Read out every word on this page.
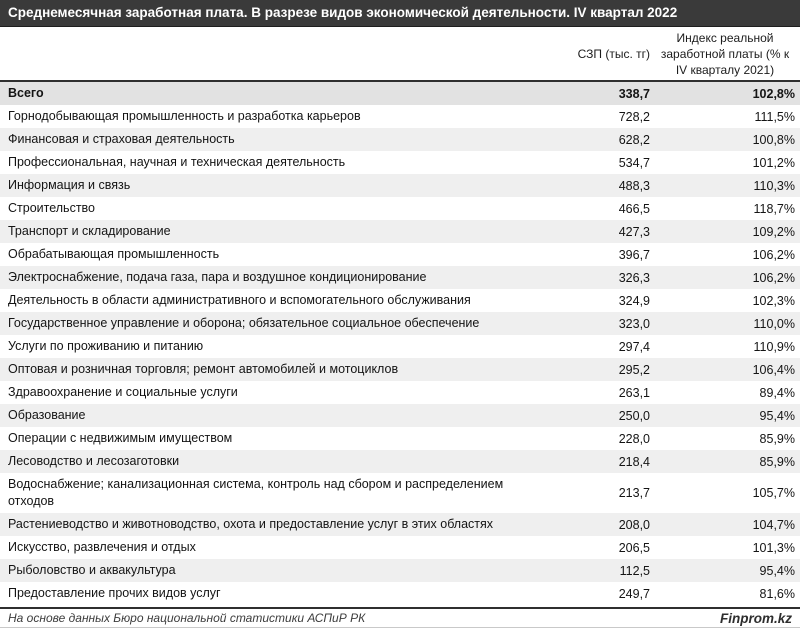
Среднемесячная заработная плата. В разрезе видов экономической деятельности. IV квартал 2022
СЗП (тыс. тг)
Индекс реальной
заработной платы (% к
IV кварталу 2021)
Всего	338,7	102,8%
Горнодобывающая промышленность и разработка карьеров	728,2	111,5%
Финансовая и страховая деятельность	628,2	100,8%
Профессиональная, научная и техническая деятельность	534,7	101,2%
Информация и связь	488,3	110,3%
Строительство	466,5	118,7%
Транспорт и складирование	427,3	109,2%
Обрабатывающая промышленность	396,7	106,2%
Электроснабжение, подача газа, пара и воздушное кондиционирование	326,3	106,2%
Деятельность в области административного и вспомогательного обслуживания	324,9	102,3%
Государственное управление и оборона; обязательное социальное обеспечение	323,0	110,0%
Услуги по проживанию и питанию	297,4	110,9%
Оптовая и розничная торговля; ремонт автомобилей и мотоциклов	295,2	106,4%
Здравоохранение и социальные услуги	263,1	89,4%
Образование	250,0	95,4%
Операции с недвижимым имуществом	228,0	85,9%
Лесоводство и лесозаготовки	218,4	85,9%
Водоснабжение; канализационная система, контроль над сбором и распределением отходов
213,7	105,7%
Растениеводство и животноводство, охота и предоставление услуг в этих областях	208,0	104,7%
Искусство, развлечения и отдых	206,5	101,3%
Рыболовство и аквакультура	112,5	95,4%
Предоставление прочих видов услуг	249,7	81,6%
На основе данных Бюро национальной статистики АСПиР РК	Finprom.kz
